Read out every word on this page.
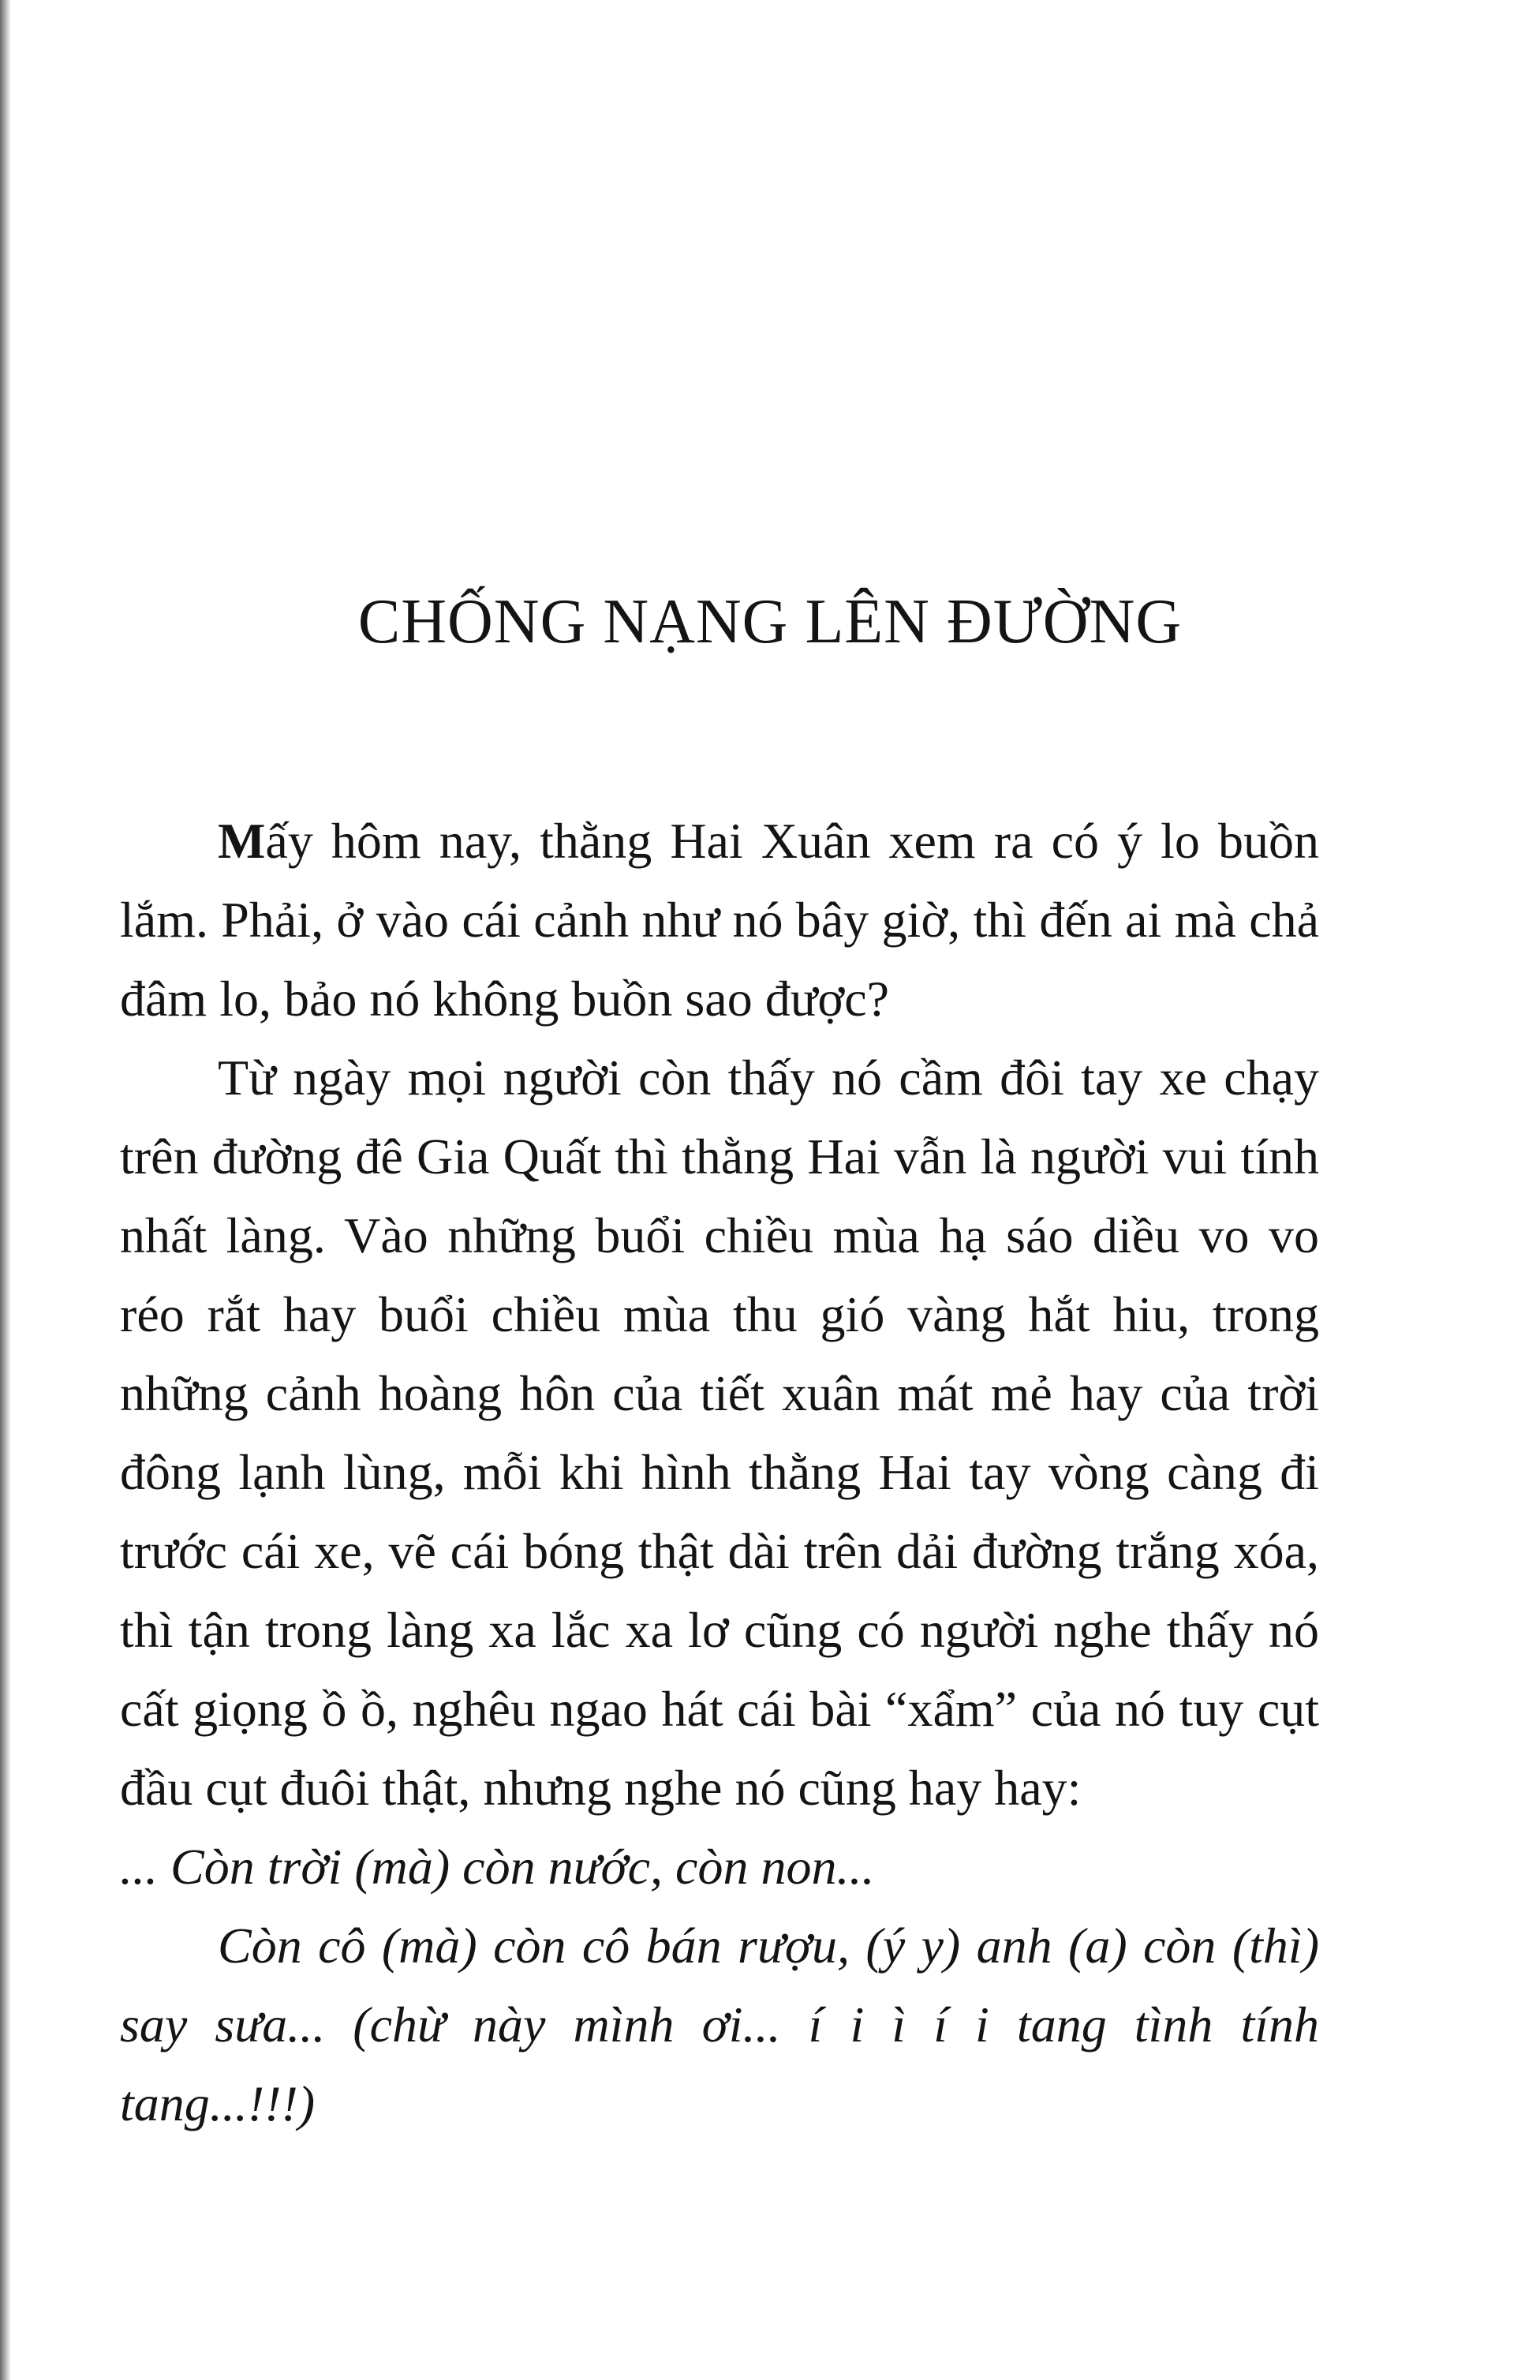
CHỐNG NẠNG LÊN ĐƯỜNG

Mấy hôm nay, thằng Hai Xuân xem ra có ý lo buồn lắm. Phải, ở vào cái cảnh như nó bây giờ, thì đến ai mà chả đâm lo, bảo nó không buồn sao được?

Từ ngày mọi người còn thấy nó cầm đôi tay xe chạy trên đường đê Gia Quất thì thằng Hai vẫn là người vui tính nhất làng. Vào những buổi chiều mùa hạ sáo diều vo vo réo rắt hay buổi chiều mùa thu gió vàng hắt hiu, trong những cảnh hoàng hôn của tiết xuân mát mẻ hay của trời đông lạnh lùng, mỗi khi hình thằng Hai tay vòng càng đi trước cái xe, vẽ cái bóng thật dài trên dải đường trắng xóa, thì tận trong làng xa lắc xa lơ cũng có người nghe thấy nó cất giọng ồ ồ, nghêu ngao hát cái bài “xẩm” của nó tuy cụt đầu cụt đuôi thật, nhưng nghe nó cũng hay hay:

... Còn trời (mà) còn nước, còn non...

Còn cô (mà) còn cô bán rượu, (ý y) anh (a) còn (thì) say sưa... (chừ này mình ơi... í i ì í i tang tình tính tang...!!!)
